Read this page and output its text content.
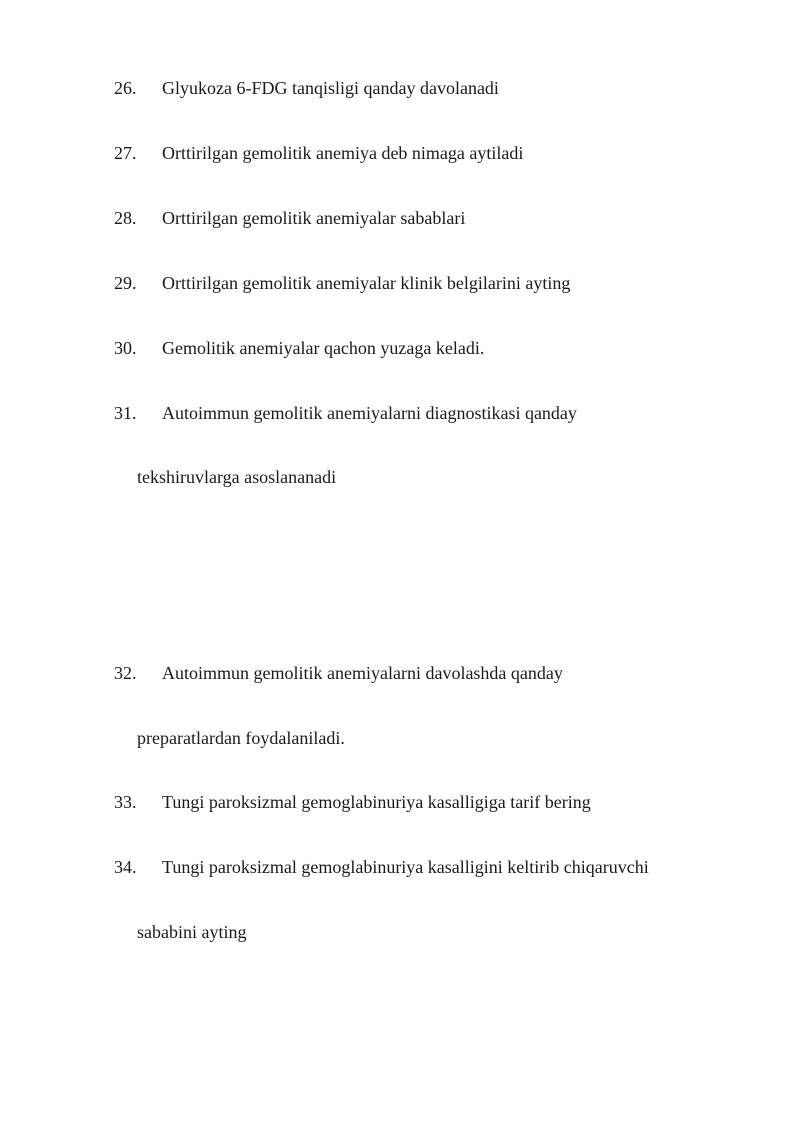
26. Glyukoza 6-FDG tanqisligi qanday davolanadi
27. Orttirilgan gemolitik anemiya deb nimaga aytiladi
28. Orttirilgan gemolitik anemiyalar sabablari
29. Orttirilgan gemolitik anemiyalar klinik belgilarini ayting
30. Gemolitik anemiyalar qachon yuzaga keladi.
31. Autoimmun gemolitik anemiyalarni diagnostikasi qanday
tekshiruvlarga asoslananadi
32. Autoimmun gemolitik anemiyalarni davolashda qanday
preparatlardan foydalaniladi.
33. Tungi paroksizmal gemoglabinuriya kasalligiga tarif bering
34. Tungi paroksizmal gemoglabinuriya kasalligini keltirib chiqaruvchi
sababini ayting
